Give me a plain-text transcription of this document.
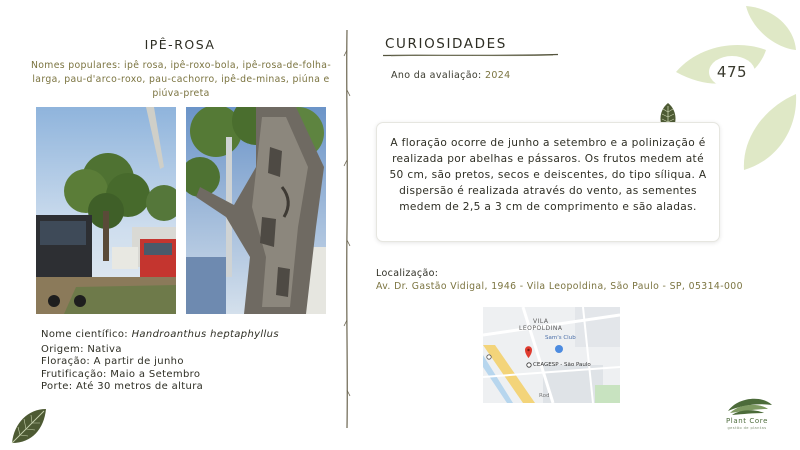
475
IPÊ-ROSA
Nomes populares: ipê rosa, ipê-roxo-bola, ipê-rosa-de-folha-larga, pau-d'arco-roxo, pau-cachorro, ipê-de-minas, piúna e piúva-preta
Nome científico: Handroanthus heptaphyllus
Origem: Nativa
Floração: A partir de junho
Frutificação: Maio a Setembro
Porte: Até 30 metros de altura
CURIOSIDADES
Ano da avaliação: 2024
A floração ocorre de junho a setembro e a polinização é realizada por abelhas e pássaros. Os frutos medem até 50 cm, são pretos, secos e deiscentes, do tipo síliqua. A dispersão é realizada através do vento, as sementes medem de 2,5 a 3 cm de comprimento e são aladas.
Localização:
Av. Dr. Gastão Vidigal, 1946 - Vila Leopoldina, São Paulo - SP, 05314-000
VILA
LEOPOLDINA
Sam's Club
CEAGESP - São Paulo
Rod
Plant Core
gestão de plantas
